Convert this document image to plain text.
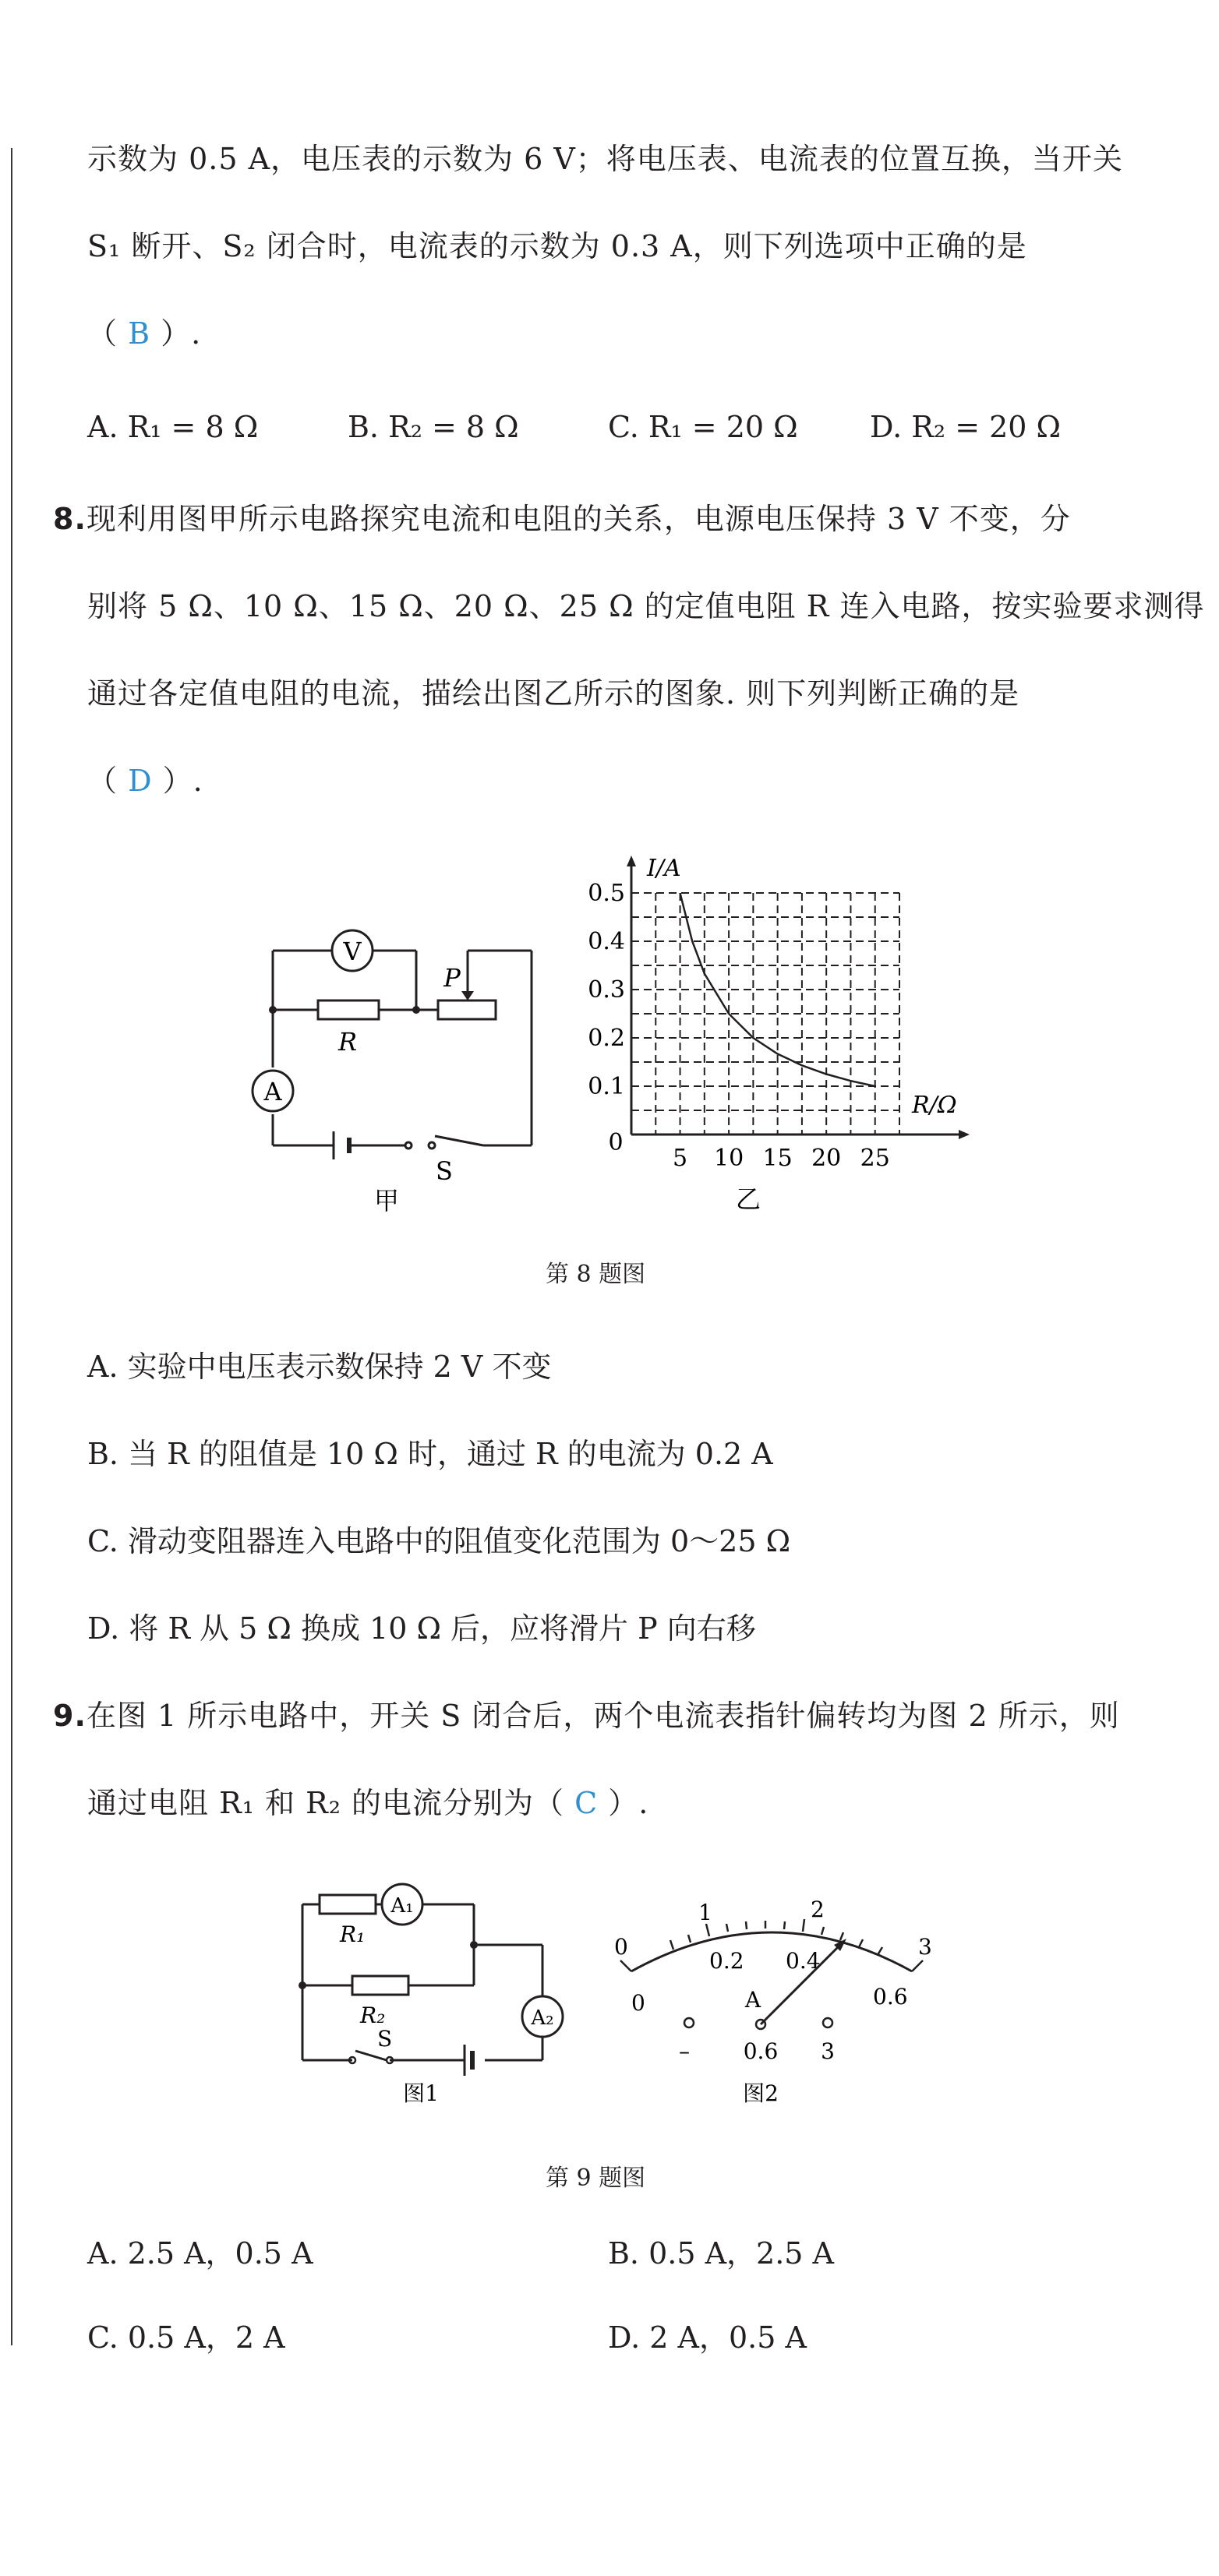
示数为 0.5 A，电压表的示数为 6 V；将电压表、电流表的位置互换，当开关
S₁ 断开、S₂ 闭合时，电流表的示数为 0.3 A，则下列选项中正确的是
（ B ）.
A. R₁ = 8 Ω	B. R₂ = 8 Ω	C. R₁ = 20 Ω D. R₂ = 20 Ω
8.现利用图甲所示电路探究电流和电阻的关系，电源电压保持 3 V 不变，分
别将 5 Ω、10 Ω、15 Ω、20 Ω、25 Ω 的定值电阻 R 连入电路，按实验要求测得
通过各定值电阻的电流，描绘出图乙所示的图象. 则下列判断正确的是
（ D ）.
V
A
R
P
S
甲
5 10 15 20 25
0.1
0.2
0.3
0.4
0.5
I/A
R/Ω
0
乙
第 8 题图
A. 实验中电压表示数保持 2 V 不变
B. 当 R 的阻值是 10 Ω 时，通过 R 的电流为 0.2 A
C. 滑动变阻器连入电路中的阻值变化范围为 0～25 Ω
D. 将 R 从 5 Ω 换成 10 Ω 后，应将滑片 P 向右移
9.在图 1 所示电路中，开关 S 闭合后，两个电流表指针偏转均为图 2 所示，则
通过电阻 R₁ 和 R₂ 的电流分别为（ C ）.
R₁
R₂
A₁
A₂
S
图1
0
1	2
3
0
0.2 0.4
0.6
A
– 0.6 3
图2
第 9 题图
A. 2.5 A，0.5 A	B. 0.5 A，2.5 A
C. 0.5 A，2 A	D. 2 A，0.5 A
